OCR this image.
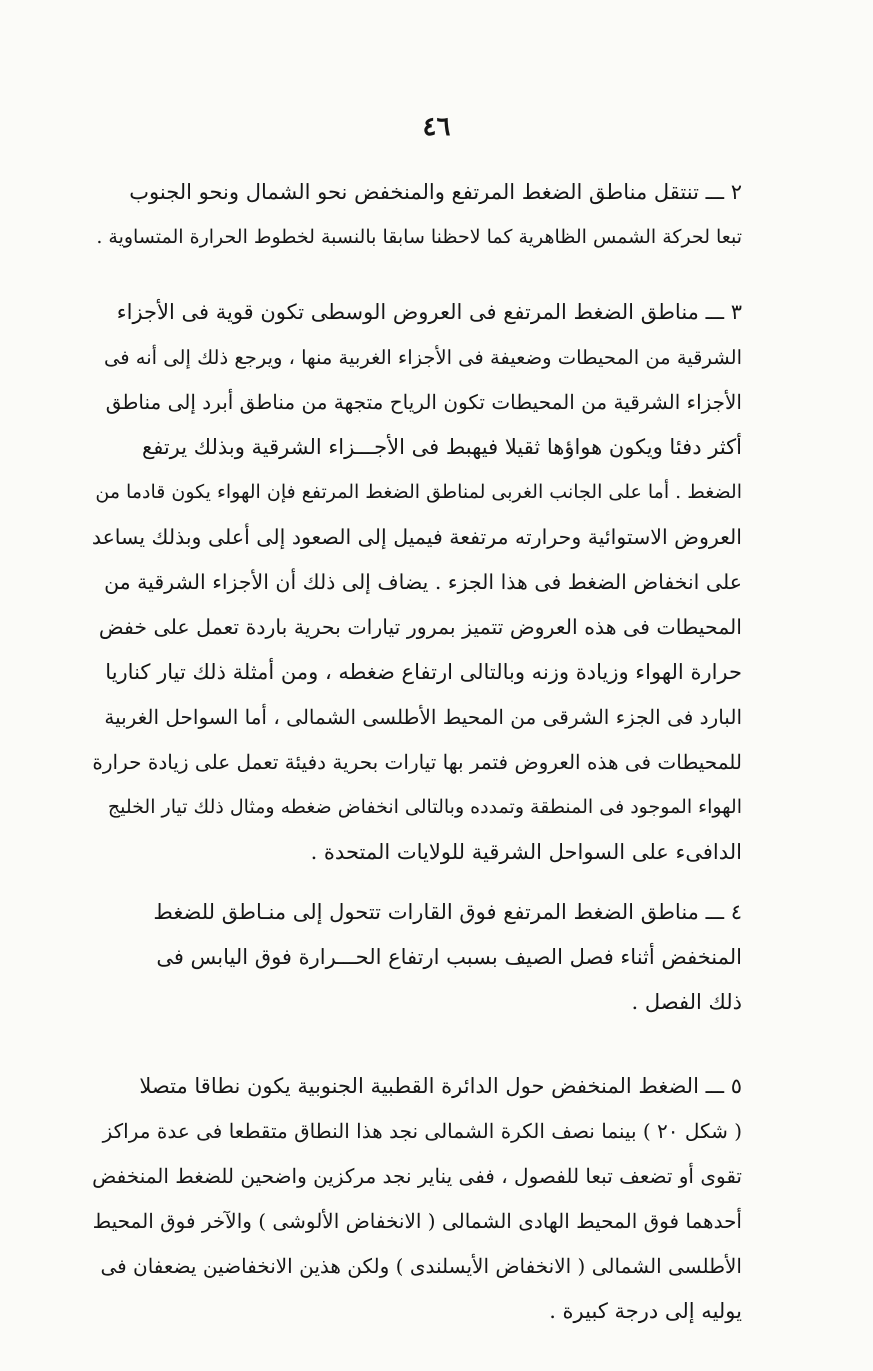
٤٦
٢ ـــ تنتقل مناطق الضغط المرتفع والمنخفض نحو الشمال ونحو الجنوب
تبعا لحركة الشمس الظاهرية كما لاحظنا سابقا بالنسبة لخطوط الحرارة المتساوية .
٣ ـــ مناطق الضغط المرتفع فى العروض الوسطى تكون قوية فى الأجزاء
الشرقية من المحيطات وضعيفة فى الأجزاء الغربية منها ، ويرجع ذلك إلى أنه فى
الأجزاء الشرقية من المحيطات تكون الرياح متجهة من مناطق أبرد إلى مناطق
أكثر دفئا ويكون هواؤها ثقيلا فيهبط فى الأجـــزاء الشرقية وبذلك يرتفع
الضغط . أما على الجانب الغربى لمناطق الضغط المرتفع فإن الهواء يكون قادما من
العروض الاستوائية وحرارته مرتفعة فيميل إلى الصعود إلى أعلى وبذلك يساعد
على انخفاض الضغط فى هذا الجزء . يضاف إلى ذلك أن الأجزاء الشرقية من
المحيطات فى هذه العروض تتميز بمرور تيارات بحرية باردة تعمل على خفض
حرارة الهواء وزيادة وزنه وبالتالى ارتفاع ضغطه ، ومن أمثلة ذلك تيار كناريا
البارد فى الجزء الشرقى من المحيط الأطلسى الشمالى ، أما السواحل الغربية
للمحيطات فى هذه العروض فتمر بها تيارات بحرية دفيئة تعمل على زيادة حرارة
الهواء الموجود فى المنطقة وتمدده وبالتالى انخفاض ضغطه ومثال ذلك تيار الخليج
الدافىء على السواحل الشرقية للولايات المتحدة .
٤ ـــ مناطق الضغط المرتفع فوق القارات تتحول إلى منـاطق للضغط
المنخفض أثناء فصل الصيف بسبب ارتفاع الحـــرارة فوق اليابس فى
ذلك الفصل .
٥ ـــ الضغط المنخفض حول الدائرة القطبية الجنوبية يكون نطاقا متصلا
( شكل ٢٠ ) بينما نصف الكرة الشمالى نجد هذا النطاق متقطعا فى عدة مراكز
تقوى أو تضعف تبعا للفصول ، ففى يناير نجد مركزين واضحين للضغط المنخفض
أحدهما فوق المحيط الهادى الشمالى ( الانخفاض الألوشى ) والآخر فوق المحيط
الأطلسى الشمالى ( الانخفاض الأيسلندى ) ولكن هذين الانخفاضين يضعفان فى
يوليه إلى درجة كبيرة .
